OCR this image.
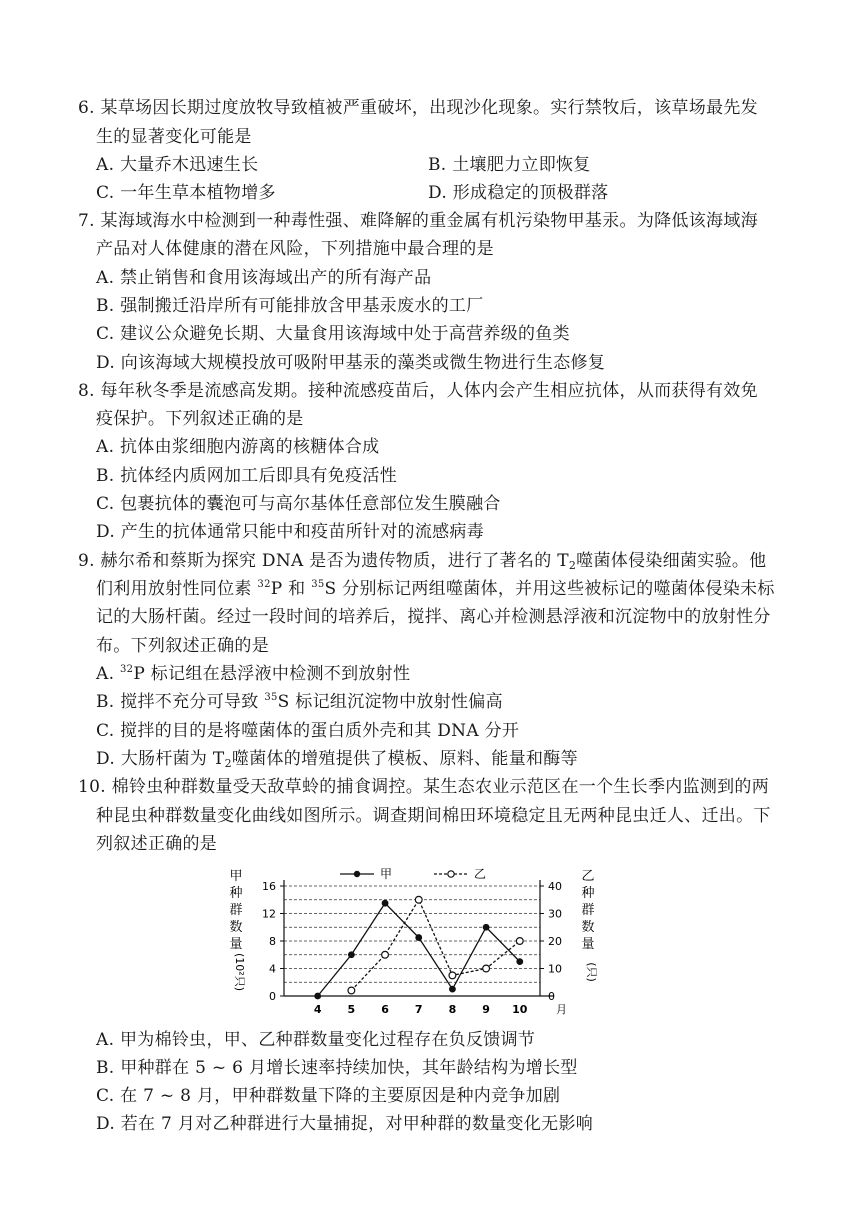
6. 某草场因长期过度放牧导致植被严重破坏，出现沙化现象。实行禁牧后，该草场最先发
生的显著变化可能是
A. 大量乔木迅速生长	B. 土壤肥力立即恢复
C. 一年生草本植物增多	D. 形成稳定的顶极群落
7. 某海域海水中检测到一种毒性强、难降解的重金属有机污染物甲基汞。为降低该海域海
产品对人体健康的潜在风险，下列措施中最合理的是
A. 禁止销售和食用该海域出产的所有海产品
B. 强制搬迁沿岸所有可能排放含甲基汞废水的工厂
C. 建议公众避免长期、大量食用该海域中处于高营养级的鱼类
D. 向该海域大规模投放可吸附甲基汞的藻类或微生物进行生态修复
8. 每年秋冬季是流感高发期。接种流感疫苗后，人体内会产生相应抗体，从而获得有效免
疫保护。下列叙述正确的是
A. 抗体由浆细胞内游离的核糖体合成
B. 抗体经内质网加工后即具有免疫活性
C. 包裹抗体的囊泡可与高尔基体任意部位发生膜融合
D. 产生的抗体通常只能中和疫苗所针对的流感病毒
9. 赫尔希和蔡斯为探究 DNA 是否为遗传物质，进行了著名的 $T_2$噬菌体侵染细菌实验。他
们利用放射性同位素 $^{32}$P 和 $^{35}$S 分别标记两组噬菌体，并用这些被标记的噬菌体侵染未标
记的大肠杆菌。经过一段时间的培养后，搅拌、离心并检测悬浮液和沉淀物中的放射性分
布。下列叙述正确的是
A. $^{32}$P 标记组在悬浮液中检测不到放射性
B. 搅拌不充分可导致 $^{35}$S 标记组沉淀物中放射性偏高
C. 搅拌的目的是将噬菌体的蛋白质外壳和其 DNA 分开
D. 大肠杆菌为 $T_2$噬菌体的增殖提供了模板、原料、能量和酶等
10. 棉铃虫种群数量受天敌草蛉的捕食调控。某生态农业示范区在一个生长季内监测到的两
种昆虫种群数量变化曲线如图所示。调查期间棉田环境稳定且无两种昆虫迁人、迁出。下
列叙述正确的是
0
4
8
12
16
0
10
20
30
40
4 5 6 7 8 9 10	月
甲
种
群
数
量
(10²只)
乙
种
群
数
量
(只)
甲	乙
A. 甲为棉铃虫，甲、乙种群数量变化过程存在负反馈调节
B. 甲种群在 5 ~ 6 月增长速率持续加快，其年龄结构为增长型
C. 在 7 ~ 8 月，甲种群数量下降的主要原因是种内竞争加剧
D. 若在 7 月对乙种群进行大量捕捉，对甲种群的数量变化无影响
